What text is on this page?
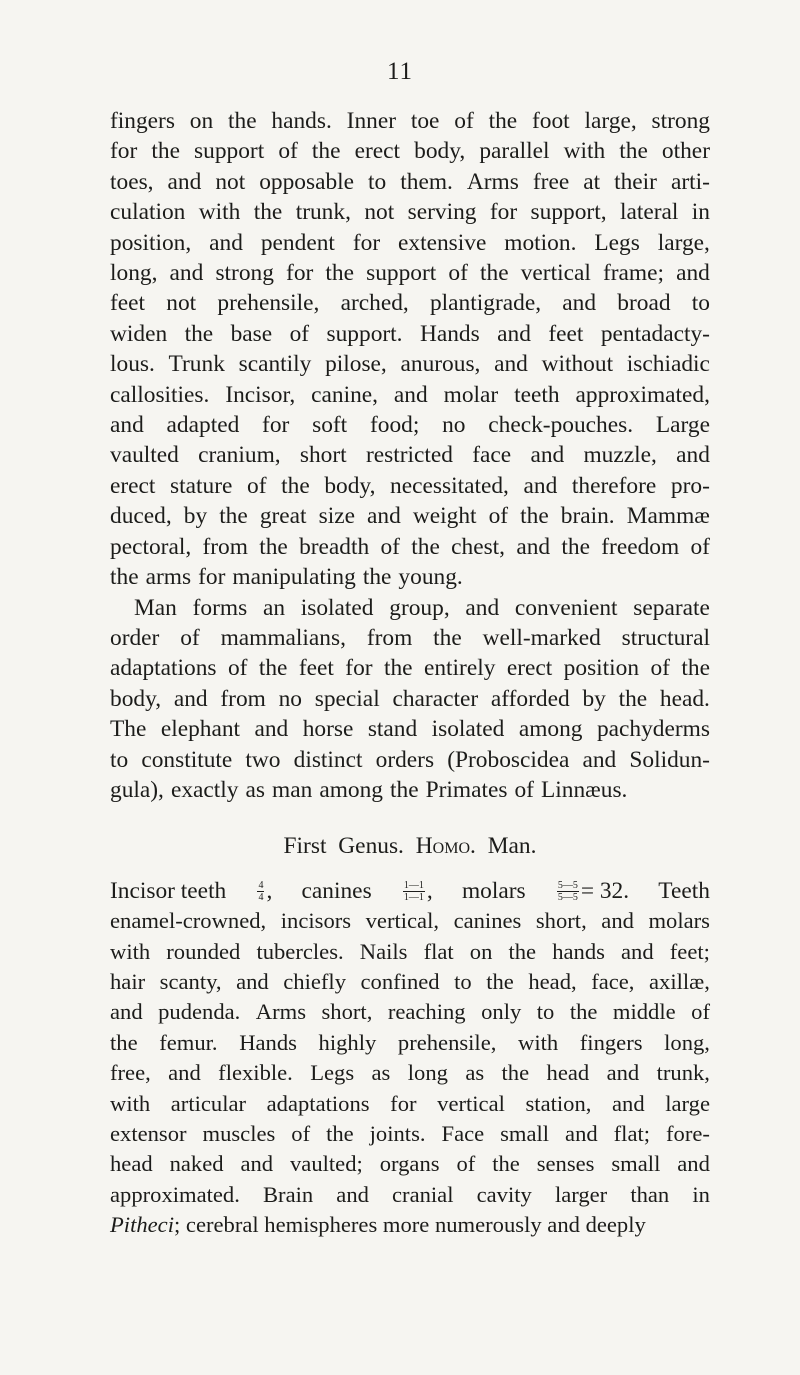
11
fingers on the hands. Inner toe of the foot large, strong
for the support of the erect body, parallel with the other
toes, and not opposable to them. Arms free at their arti-
culation with the trunk, not serving for support, lateral in
position, and pendent for extensive motion. Legs large,
long, and strong for the support of the vertical frame; and
feet not prehensile, arched, plantigrade, and broad to
widen the base of support. Hands and feet pentadacty-
lous. Trunk scantily pilose, anurous, and without ischiadic
callosities. Incisor, canine, and molar teeth approximated,
and adapted for soft food; no check-pouches. Large
vaulted cranium, short restricted face and muzzle, and
erect stature of the body, necessitated, and therefore pro-
duced, by the great size and weight of the brain. Mammæ
pectoral, from the breadth of the chest, and the freedom of
the arms for manipulating the young.
Man forms an isolated group, and convenient separate
order of mammalians, from the well-marked structural
adaptations of the feet for the entirely erect position of the
body, and from no special character afforded by the head.
The elephant and horse stand isolated among pachyderms
to constitute two distinct orders (Proboscidea and Solidun-
gula), exactly as man among the Primates of Linnæus.
First Genus. Homo. Man.
Incisor teeth	$\frac{4}{4}$ , canines	$\frac{1—1}{1—1}$ , molars	$\frac{5—5}{5—5} = 32$. Teeth
enamel-crowned, incisors vertical, canines short, and molars
with rounded tubercles. Nails flat on the hands and feet;
hair scanty, and chiefly confined to the head, face, axillæ,
and pudenda. Arms short, reaching only to the middle of
the femur. Hands highly prehensile, with fingers long,
free, and flexible. Legs as long as the head and trunk,
with articular adaptations for vertical station, and large
extensor muscles of the joints. Face small and flat; fore-
head naked and vaulted; organs of the senses small and
approximated. Brain and cranial cavity larger than in
Pitheci ; cerebral hemispheres more numerously and deeply
